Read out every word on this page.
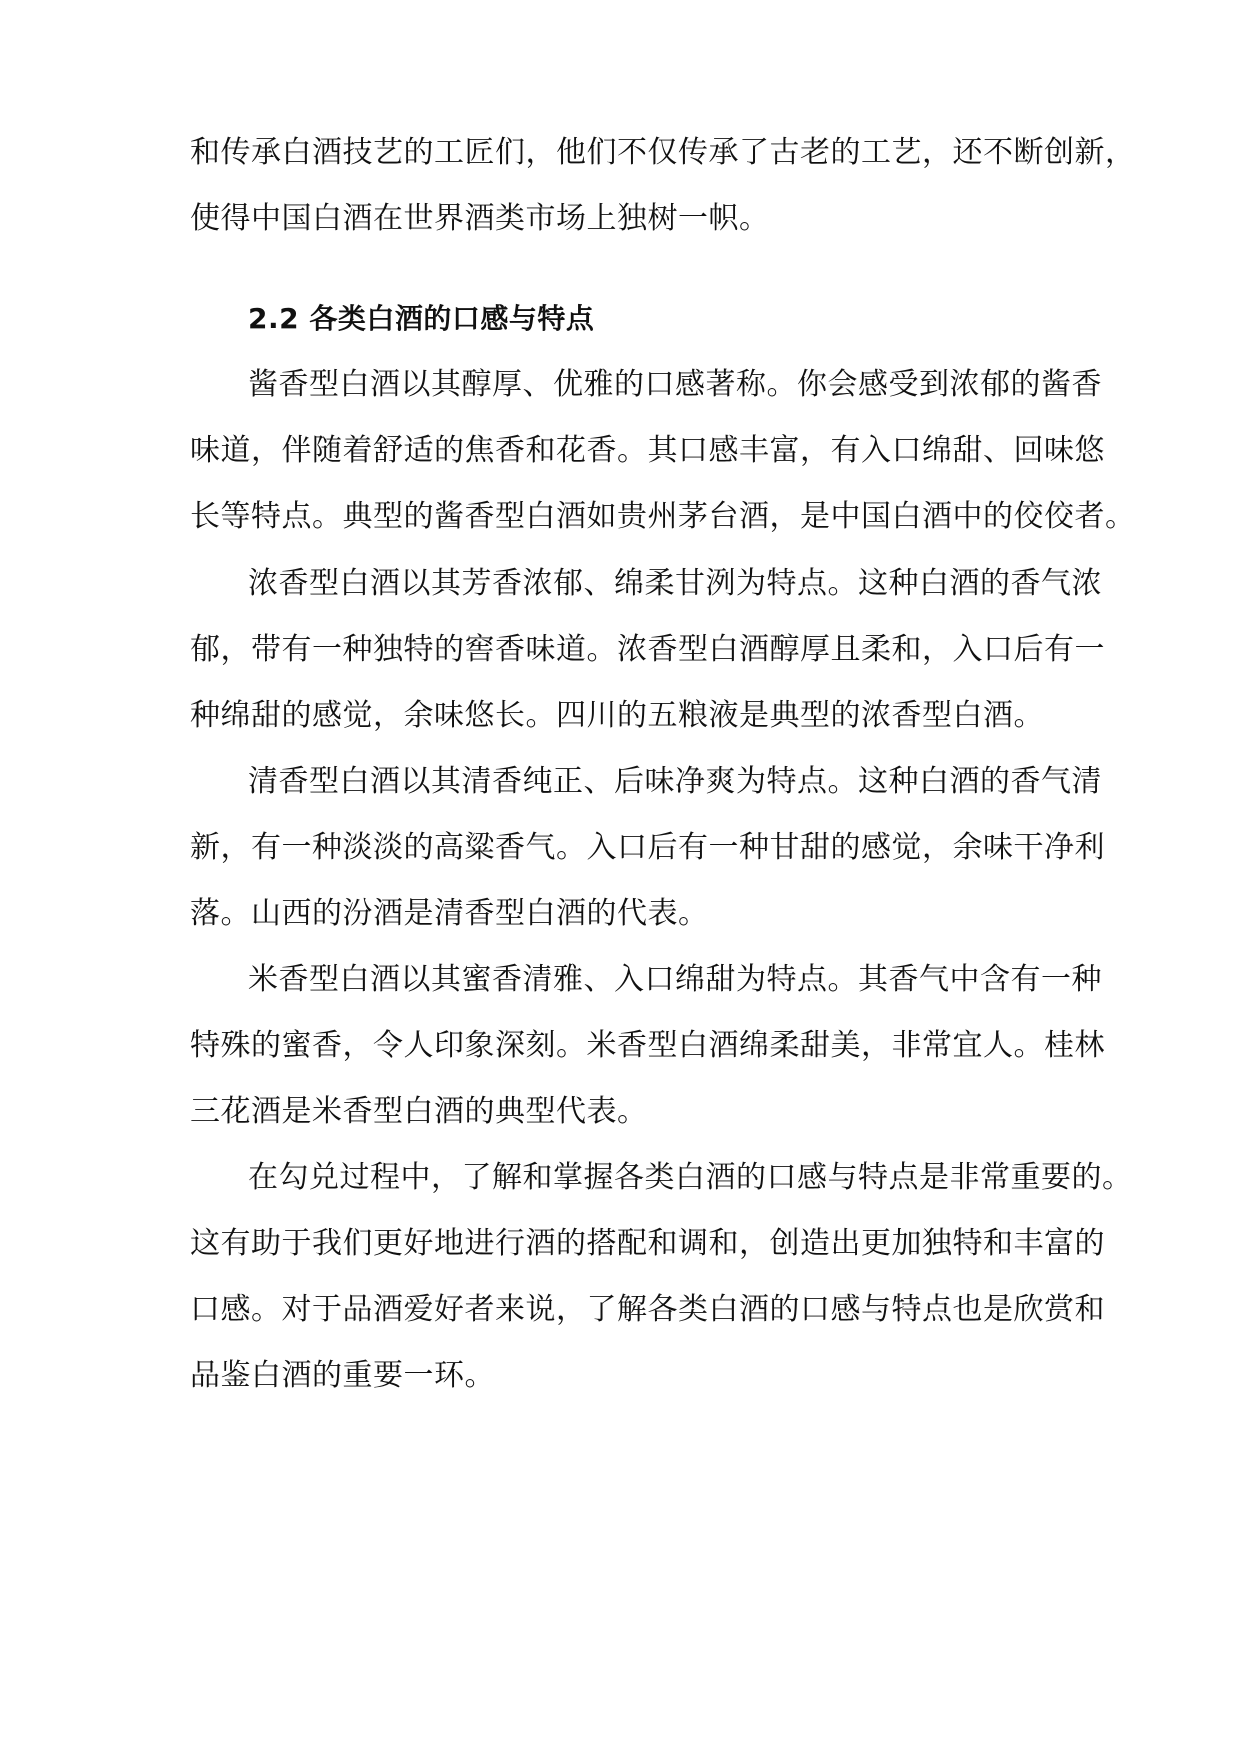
和传承白酒技艺的工匠们，他们不仅传承了古老的工艺，还不断创新，
使得中国白酒在世界酒类市场上独树一帜。
2.2 各类白酒的口感与特点
酱香型白酒以其醇厚、优雅的口感著称。你会感受到浓郁的酱香
味道，伴随着舒适的焦香和花香。其口感丰富，有入口绵甜、回味悠
长等特点。典型的酱香型白酒如贵州茅台酒，是中国白酒中的佼佼者。
浓香型白酒以其芳香浓郁、绵柔甘洌为特点。这种白酒的香气浓
郁，带有一种独特的窖香味道。浓香型白酒醇厚且柔和，入口后有一
种绵甜的感觉，余味悠长。四川的五粮液是典型的浓香型白酒。
清香型白酒以其清香纯正、后味净爽为特点。这种白酒的香气清
新，有一种淡淡的高粱香气。入口后有一种甘甜的感觉，余味干净利
落。山西的汾酒是清香型白酒的代表。
米香型白酒以其蜜香清雅、入口绵甜为特点。其香气中含有一种
特殊的蜜香，令人印象深刻。米香型白酒绵柔甜美，非常宜人。桂林
三花酒是米香型白酒的典型代表。
在勾兑过程中，了解和掌握各类白酒的口感与特点是非常重要的。
这有助于我们更好地进行酒的搭配和调和，创造出更加独特和丰富的
口感。对于品酒爱好者来说，了解各类白酒的口感与特点也是欣赏和
品鉴白酒的重要一环。
